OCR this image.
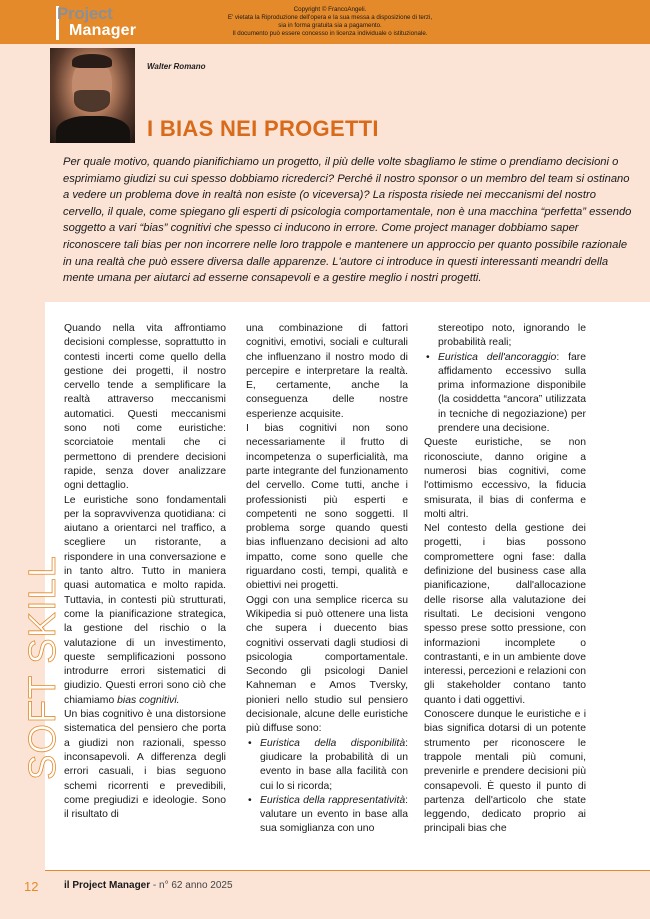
Project
Manager
Copyright © FrancoAngeli.
E' vietata la Riproduzione dell'opera e la sua messa a disposizione di terzi,
sia in forma gratuita sia a pagamento.
Il documento può essere concesso in licenza individuale o istituzionale.
Walter Romano
I BIAS NEI PROGETTI

Per quale motivo, quando pianifichiamo un progetto, il più delle volte sbagliamo le stime o prendiamo decisioni o esprimiamo giudizi su cui spesso dobbiamo ricrederci? Perché il nostro sponsor o un membro del team si ostinano a vedere un problema dove in realtà non esiste (o viceversa)? La risposta risiede nei meccanismi del nostro cervello, il quale, come spiegano gli esperti di psicologia comportamentale, non è una macchina “perfetta” essendo soggetto a vari “bias” cognitivi che spesso ci inducono in errore. Come project manager dobbiamo saper riconoscere tali bias per non incorrere nelle loro trappole e mantenere un approccio per quanto possibile razionale in una realtà che può essere diversa dalle apparenze. L'autore ci introduce in questi interessanti meandri della mente umana per aiutarci ad esserne consapevoli e a gestire meglio i nostri progetti.

SOFT SKILL

Quando nella vita affrontiamo decisioni complesse, soprattutto in contesti incerti come quello della gestione dei progetti, il nostro cervello tende a semplificare la realtà attraverso meccanismi automatici. Questi meccanismi sono noti come euristiche: scorciatoie mentali che ci permettono di prendere decisioni rapide, senza dover analizzare ogni dettaglio.

Le euristiche sono fondamentali per la sopravvivenza quotidiana: ci aiutano a orientarci nel traffico, a scegliere un ristorante, a rispondere in una conversazione e in tanto altro. Tutto in maniera quasi automatica e molto rapida. Tuttavia, in contesti più strutturati, come la pianificazione strategica, la gestione del rischio o la valutazione di un investimento, queste semplificazioni possono introdurre errori sistematici di giudizio. Questi errori sono ciò che chiamiamo bias cognitivi.

Un bias cognitivo è una distorsione sistematica del pensiero che porta a giudizi non razionali, spesso inconsapevoli. A differenza degli errori casuali, i bias seguono schemi ricorrenti e prevedibili, come pregiudizi e ideologie. Sono il risultato di

una combinazione di fattori cognitivi, emotivi, sociali e culturali che influenzano il nostro modo di percepire e interpretare la realtà. E, certamente, anche la conseguenza delle nostre esperienze acquisite.

I bias cognitivi non sono necessariamente il frutto di incompetenza o superficialità, ma parte integrante del funzionamento del cervello. Come tutti, anche i professionisti più esperti e competenti ne sono soggetti. Il problema sorge quando questi bias influenzano decisioni ad alto impatto, come sono quelle che riguardano costi, tempi, qualità e obiettivi nei progetti.

Oggi con una semplice ricerca su Wikipedia si può ottenere una lista che supera i duecento bias cognitivi osservati dagli studiosi di psicologia comportamentale. Secondo gli psicologi Daniel Kahneman e Amos Tversky, pionieri nello studio sul pensiero decisionale, alcune delle euristiche più diffuse sono:

• Euristica della disponibilità: giudicare la probabilità di un evento in base alla facilità con cui lo si ricorda;
• Euristica della rappresentatività: valutare un evento in base alla sua somiglianza con uno

stereotipo noto, ignorando le probabilità reali;

• Euristica dell'ancoraggio: fare affidamento eccessivo sulla prima informazione disponibile (la cosiddetta “ancora” utilizzata in tecniche di negoziazione) per prendere una decisione.

Queste euristiche, se non riconosciute, danno origine a numerosi bias cognitivi, come l'ottimismo eccessivo, la fiducia smisurata, il bias di conferma e molti altri.

Nel contesto della gestione dei progetti, i bias possono compromettere ogni fase: dalla definizione del business case alla pianificazione, dall'allocazione delle risorse alla valutazione dei risultati. Le decisioni vengono spesso prese sotto pressione, con informazioni incomplete o contrastanti, e in un ambiente dove interessi, percezioni e relazioni con gli stakeholder contano tanto quanto i dati oggettivi.

Conoscere dunque le euristiche e i bias significa dotarsi di un potente strumento per riconoscere le trappole mentali più comuni, prevenirle e prendere decisioni più consapevoli. È questo il punto di partenza dell'articolo che state leggendo, dedicato proprio ai principali bias che

12	il Project Manager - n° 62 anno 2025
